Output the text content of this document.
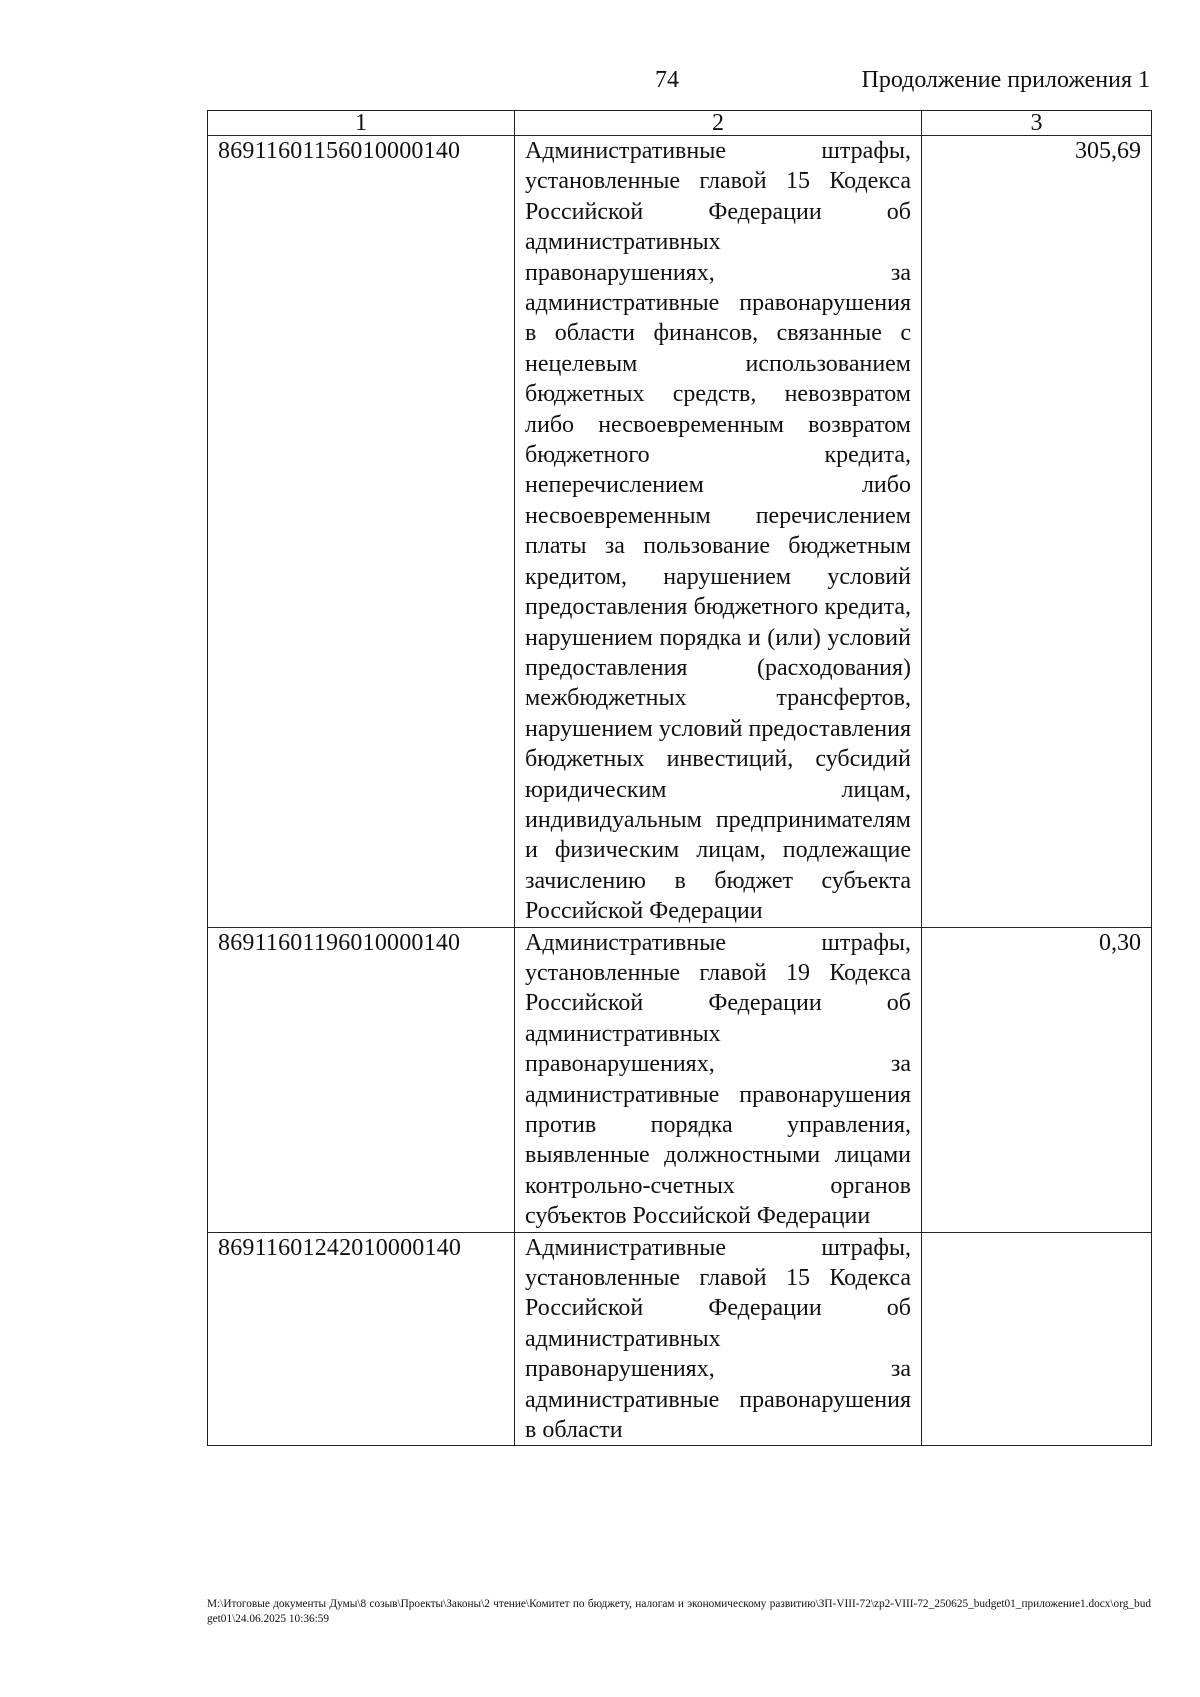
74	Продолжение приложения 1
1	2	3
86911601156010000140	Административные штрафы, установленные главой 15 Кодекса Российской Федерации об административных правонарушениях, за административные правонарушения в области финансов, связанные с нецелевым использованием бюджетных средств, невозвратом либо несвоевременным возвратом бюджетного кредита, неперечислением либо несвоевременным перечислением платы за пользование бюджетным кредитом, нарушением условий предоставления бюджетного кредита, нарушением порядка и (или) условий предоставления (расходования) межбюджетных трансфертов, нарушением условий предоставления бюджетных инвестиций, субсидий юридическим лицам, индивидуальным предпринимателям и физическим лицам, подлежащие зачислению в бюджет субъекта Российской Федерации	305,69
86911601196010000140	Административные штрафы, установленные главой 19 Кодекса Российской Федерации об административных правонарушениях, за административные правонарушения против порядка управления, выявленные должностными лицами контрольно-счетных органов субъектов Российской Федерации	0,30
86911601242010000140	Административные штрафы, установленные главой 15 Кодекса Российской Федерации об административных правонарушениях, за административные правонарушения в области	
M:\Итоговые документы Думы\8 созыв\Проекты\Законы\2 чтение\Комитет по бюджету, налогам и экономическому развитию\ЗП-VIII-72\zp2-VIII-72_250625_budget01_приложение1.docx\org_budget01\24.06.2025 10:36:59
